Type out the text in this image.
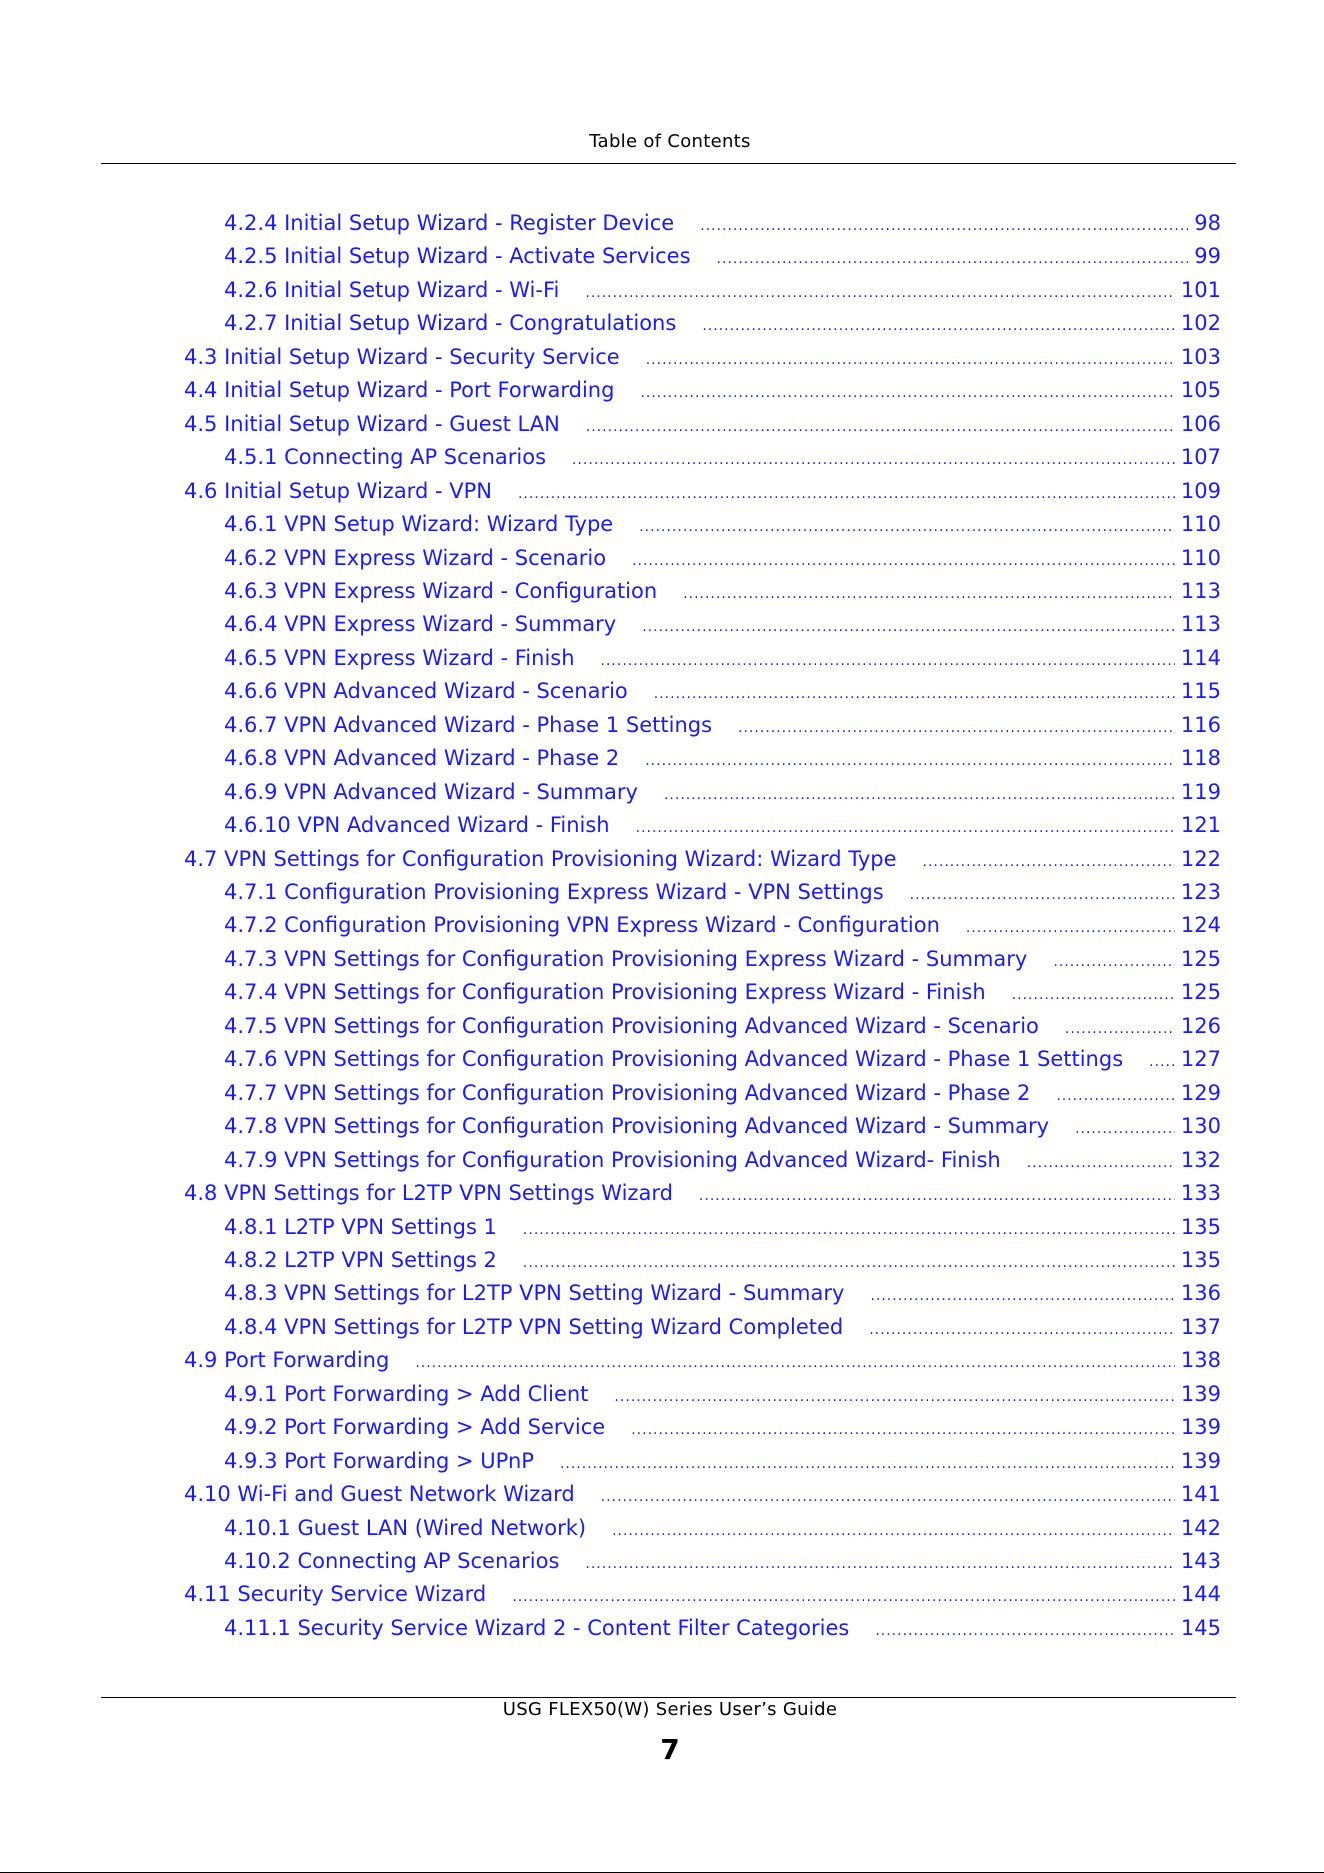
Table of Contents
4.2.4 Initial Setup Wizard - Register Device .....	98
4.2.5 Initial Setup Wizard - Activate Services .....	99
4.2.6 Initial Setup Wizard - Wi-Fi .....	101
4.2.7 Initial Setup Wizard - Congratulations .....	102
4.3 Initial Setup Wizard - Security Service .....	103
4.4 Initial Setup Wizard - Port Forwarding .....	105
4.5 Initial Setup Wizard - Guest LAN .....	106
4.5.1 Connecting AP Scenarios .....	107
4.6 Initial Setup Wizard - VPN .....	109
4.6.1 VPN Setup Wizard: Wizard Type .....	110
4.6.2 VPN Express Wizard - Scenario .....	110
4.6.3 VPN Express Wizard - Configuration .....	113
4.6.4 VPN Express Wizard - Summary .....	113
4.6.5 VPN Express Wizard - Finish .....	114
4.6.6 VPN Advanced Wizard - Scenario .....	115
4.6.7 VPN Advanced Wizard - Phase 1 Settings .....	116
4.6.8 VPN Advanced Wizard - Phase 2 .....	118
4.6.9 VPN Advanced Wizard - Summary .....	119
4.6.10 VPN Advanced Wizard - Finish .....	121
4.7 VPN Settings for Configuration Provisioning Wizard: Wizard Type .....	122
4.7.1 Configuration Provisioning Express Wizard - VPN Settings .....	123
4.7.2 Configuration Provisioning VPN Express Wizard - Configuration .....	124
4.7.3 VPN Settings for Configuration Provisioning Express Wizard - Summary .....	125
4.7.4 VPN Settings for Configuration Provisioning Express Wizard - Finish .....	125
4.7.5 VPN Settings for Configuration Provisioning Advanced Wizard - Scenario .....	126
4.7.6 VPN Settings for Configuration Provisioning Advanced Wizard - Phase 1 Settings .....	127
4.7.7 VPN Settings for Configuration Provisioning Advanced Wizard - Phase 2 .....	129
4.7.8 VPN Settings for Configuration Provisioning Advanced Wizard - Summary .....	130
4.7.9 VPN Settings for Configuration Provisioning Advanced Wizard- Finish .....	132
4.8 VPN Settings for L2TP VPN Settings Wizard .....	133
4.8.1 L2TP VPN Settings 1 .....	135
4.8.2 L2TP VPN Settings 2 .....	135
4.8.3 VPN Settings for L2TP VPN Setting Wizard - Summary .....	136
4.8.4 VPN Settings for L2TP VPN Setting Wizard Completed .....	137
4.9 Port Forwarding .....	138
4.9.1 Port Forwarding > Add Client .....	139
4.9.2 Port Forwarding > Add Service .....	139
4.9.3 Port Forwarding > UPnP .....	139
4.10 Wi-Fi and Guest Network Wizard .....	141
4.10.1 Guest LAN (Wired Network) .....	142
4.10.2 Connecting AP Scenarios .....	143
4.11 Security Service Wizard .....	144
4.11.1 Security Service Wizard 2 - Content Filter Categories .....	145
USG FLEX50(W) Series User’s Guide
7
